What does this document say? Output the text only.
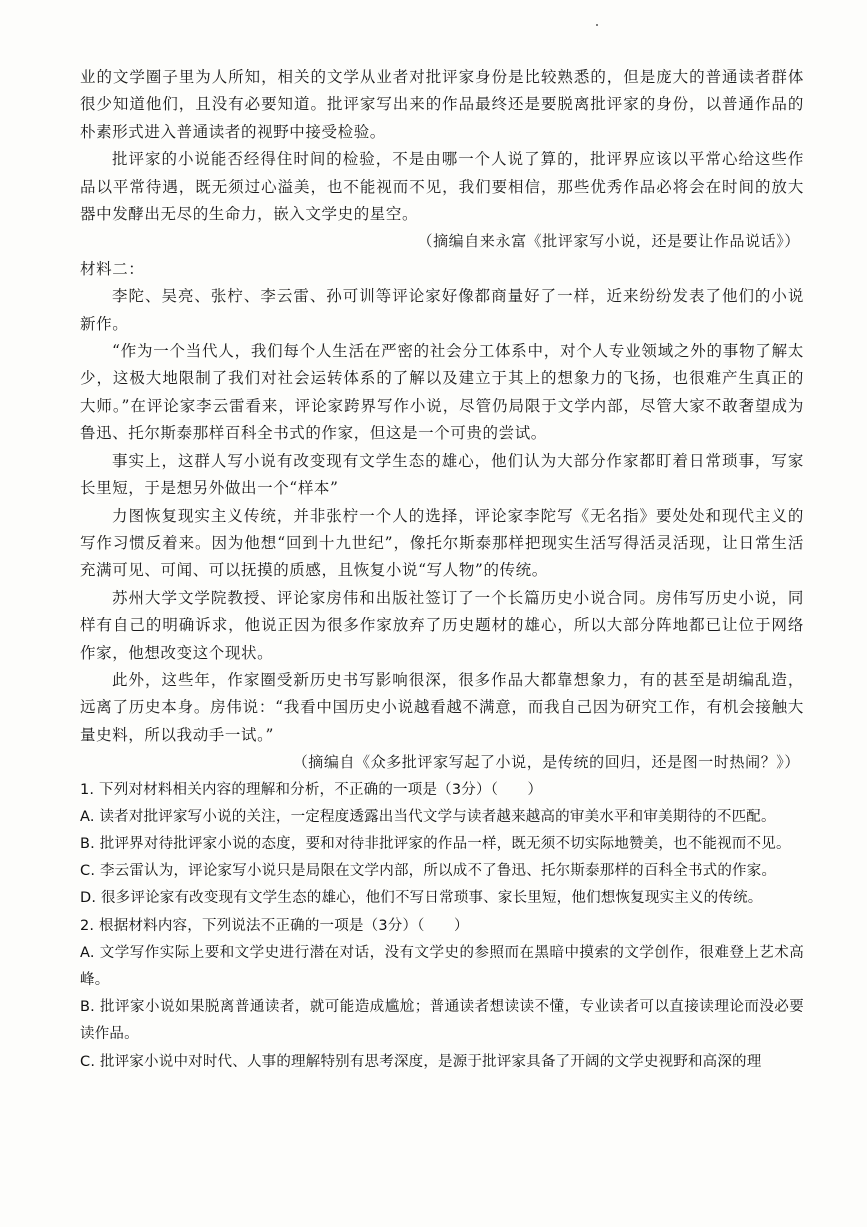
业的文学圈子里为人所知，相关的文学从业者对批评家身份是比较熟悉的，但是庞大的普通读者群体很少知道他们，且没有必要知道。批评家写出来的作品最终还是要脱离批评家的身份，以普通作品的朴素形式进入普通读者的视野中接受检验。

批评家的小说能否经得住时间的检验，不是由哪一个人说了算的，批评界应该以平常心给这些作品以平常待遇，既无须过心溢美，也不能视而不见，我们要相信，那些优秀作品必将会在时间的放大器中发酵出无尽的生命力，嵌入文学史的星空。

（摘编自来永富《批评家写小说，还是要让作品说话》）

材料二：

李陀、吴亮、张柠、李云雷、孙可训等评论家好像都商量好了一样，近来纷纷发表了他们的小说新作。

“作为一个当代人，我们每个人生活在严密的社会分工体系中，对个人专业领域之外的事物了解太少，这极大地限制了我们对社会运转体系的了解以及建立于其上的想象力的飞扬，也很难产生真正的大师。”在评论家李云雷看来，评论家跨界写作小说，尽管仍局限于文学内部，尽管大家不敢奢望成为鲁迅、托尔斯泰那样百科全书式的作家，但这是一个可贵的尝试。

事实上，这群人写小说有改变现有文学生态的雄心，他们认为大部分作家都盯着日常琐事，写家长里短，于是想另外做出一个“样本”

力图恢复现实主义传统，并非张柠一个人的选择，评论家李陀写《无名指》要处处和现代主义的写作习惯反着来。因为他想“回到十九世纪”，像托尔斯泰那样把现实生活写得活灵活现，让日常生活充满可见、可闻、可以抚摸的质感，且恢复小说“写人物”的传统。

苏州大学文学院教授、评论家房伟和出版社签订了一个长篇历史小说合同。房伟写历史小说，同样有自己的明确诉求，他说正因为很多作家放弃了历史题材的雄心，所以大部分阵地都已让位于网络作家，他想改变这个现状。

此外，这些年，作家圈受新历史书写影响很深，很多作品大都靠想象力，有的甚至是胡编乱造，远离了历史本身。房伟说：“我看中国历史小说越看越不满意，而我自己因为研究工作，有机会接触大量史料，所以我动手一试。”

（摘编自《众多批评家写起了小说，是传统的回归，还是图一时热闹？》）

1. 下列对材料相关内容的理解和分析，不正确的一项是（3分）（　　）

A. 读者对批评家写小说的关注，一定程度透露出当代文学与读者越来越高的审美水平和审美期待的不匹配。

B. 批评界对待批评家小说的态度，要和对待非批评家的作品一样，既无须不切实际地赞美，也不能视而不见。

C. 李云雷认为，评论家写小说只是局限在文学内部，所以成不了鲁迅、托尔斯泰那样的百科全书式的作家。

D. 很多评论家有改变现有文学生态的雄心，他们不写日常琐事、家长里短，他们想恢复现实主义的传统。

2. 根据材料内容，下列说法不正确的一项是（3分）（　　）

A. 文学写作实际上要和文学史进行潜在对话，没有文学史的参照而在黑暗中摸索的文学创作，很难登上艺术高峰。

B. 批评家小说如果脱离普通读者，就可能造成尴尬；普通读者想读读不懂，专业读者可以直接读理论而没必要读作品。

C. 批评家小说中对时代、人事的理解特别有思考深度，是源于批评家具备了开阔的文学史视野和高深的理
